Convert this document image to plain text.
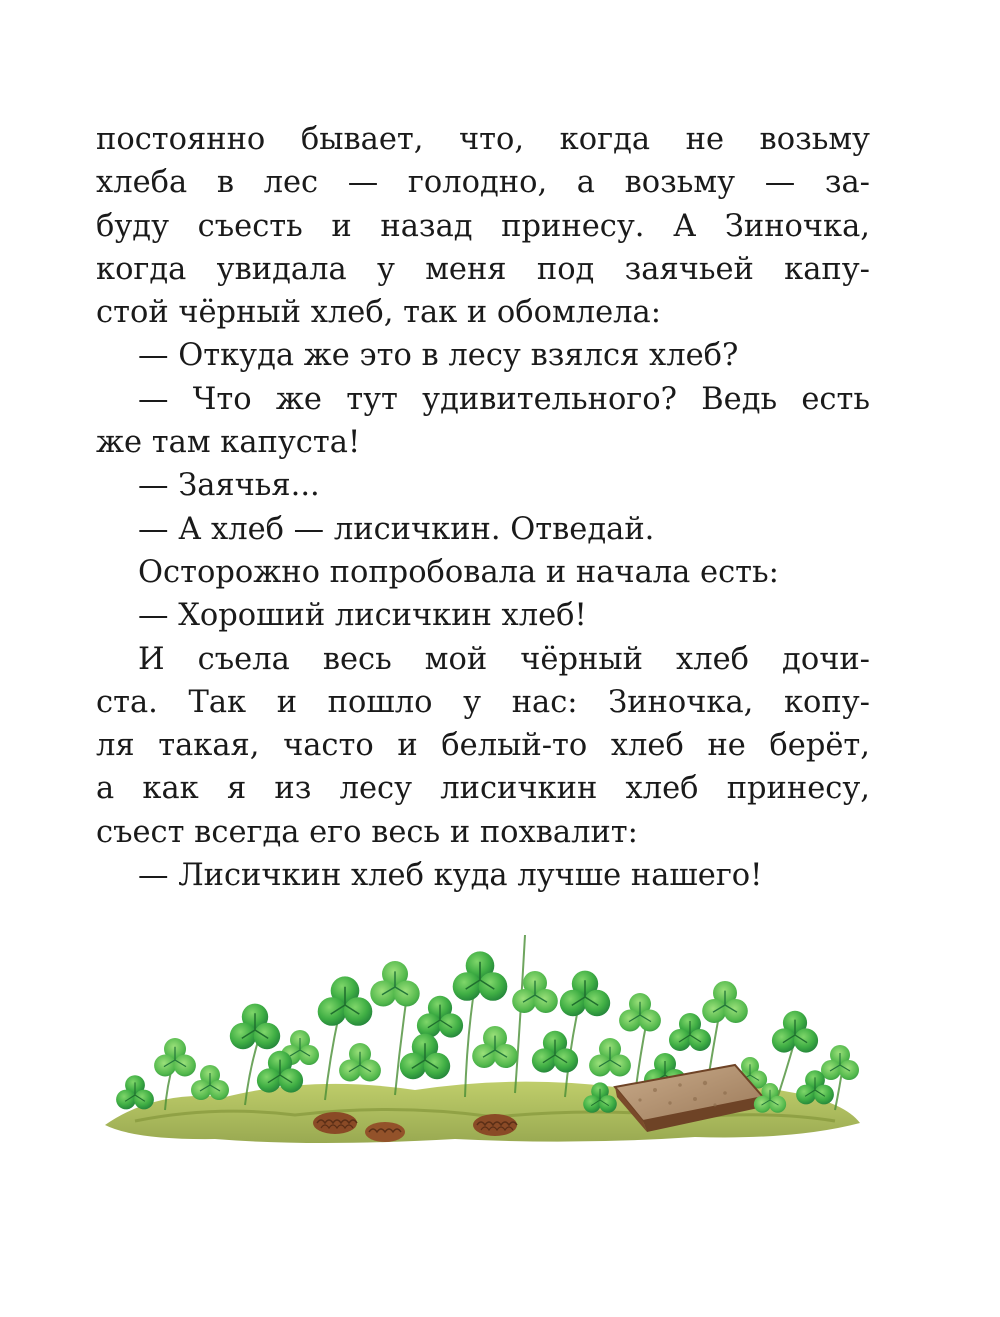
постоянно бывает, что, когда не возьму
хлеба в лес — голодно, а возьму — за-
буду съесть и назад принесу. А Зиночка,
когда увидала у меня под заячьей капу-
стой чёрный хлеб, так и обомлела:
— Откуда же это в лесу взялся хлеб?
— Что же тут удивительного? Ведь есть
же там капуста!
— Заячья...
— А хлеб — лисичкин. Отведай.
Осторожно попробовала и начала есть:
— Хороший лисичкин хлеб!
И съела весь мой чёрный хлеб дочи-
ста. Так и пошло у нас: Зиночка, копу-
ля такая, часто и белый-то хлеб не берёт,
а как я из лесу лисичкин хлеб принесу,
съест всегда его весь и похвалит:
— Лисичкин хлеб куда лучше нашего!
